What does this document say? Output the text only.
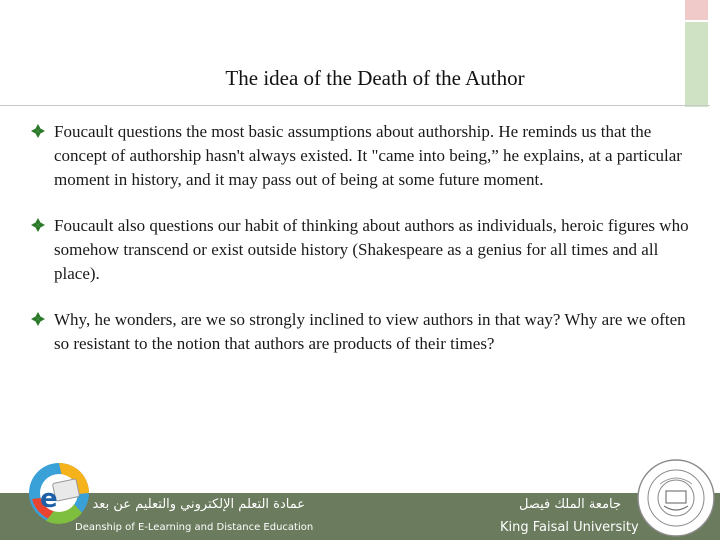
The idea of the Death of the Author
Foucault questions the most basic assumptions about authorship. He reminds us that the concept of authorship hasn't always existed. It "came into being,” he explains, at a particular moment in history, and it may pass out of being at some future moment.
Foucault also questions our habit of thinking about authors as individuals, heroic figures who somehow transcend or exist outside history (Shakespeare as a genius for all times and all place).
Why, he wonders, are we so strongly inclined to view authors in that way? Why are we often so resistant to the notion that authors are products of their times?
e	عمادة التعلم الإلكتروني والتعليم عن بعد
Deanship of E-Learning and Distance Education
[ 4 ]
جامعة الملك فيصل
King Faisal University
